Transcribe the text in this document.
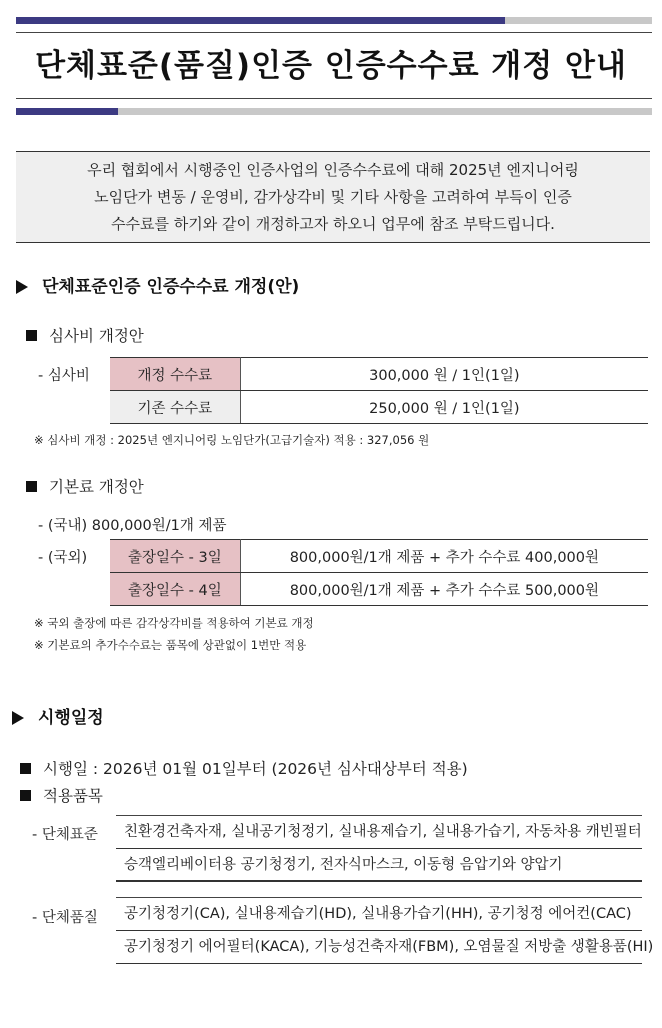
단체표준(품질)인증 인증수수료 개정 안내
우리 협회에서 시행중인 인증사업의 인증수수료에 대해 2025년 엔지니어링
노임단가 변동 / 운영비, 감가상각비 및 기타 사항을 고려하여 부득이 인증
수수료를 하기와 같이 개정하고자 하오니 업무에 참조 부탁드립니다.
단체표준인증 인증수수료 개정(안)
심사비 개정안
- 심사비	개정 수수료	300,000 원 / 1인(1일)
기존 수수료	250,000 원 / 1인(1일)
※ 심사비 개정 : 2025년 엔지니어링 노임단가(고급기술자) 적용 : 327,056 원
기본료 개정안
- (국내) 800,000원/1개 제품
- (국외)	출장일수 - 3일	800,000원/1개 제품 + 추가 수수료 400,000원
출장일수 - 4일	800,000원/1개 제품 + 추가 수수료 500,000원
※ 국외 출장에 따른 감각상각비를 적용하여 기본료 개정
※ 기본료의 추가수수료는 품목에 상관없이 1번만 적용
시행일정
시행일 : 2026년 01월 01일부터 (2026년 심사대상부터 적용)
적용품목
- 단체표준	친환경건축자재, 실내공기청정기, 실내용제습기, 실내용가습기, 자동차용 캐빈필터
승객엘리베이터용 공기청정기, 전자식마스크, 이동형 음압기와 양압기
- 단체품질	공기청정기(CA), 실내용제습기(HD), 실내용가습기(HH), 공기청정 에어컨(CAC)
공기청정기 에어필터(KACA), 기능성건축자재(FBM), 오염물질 저방출 생활용품(HI)
